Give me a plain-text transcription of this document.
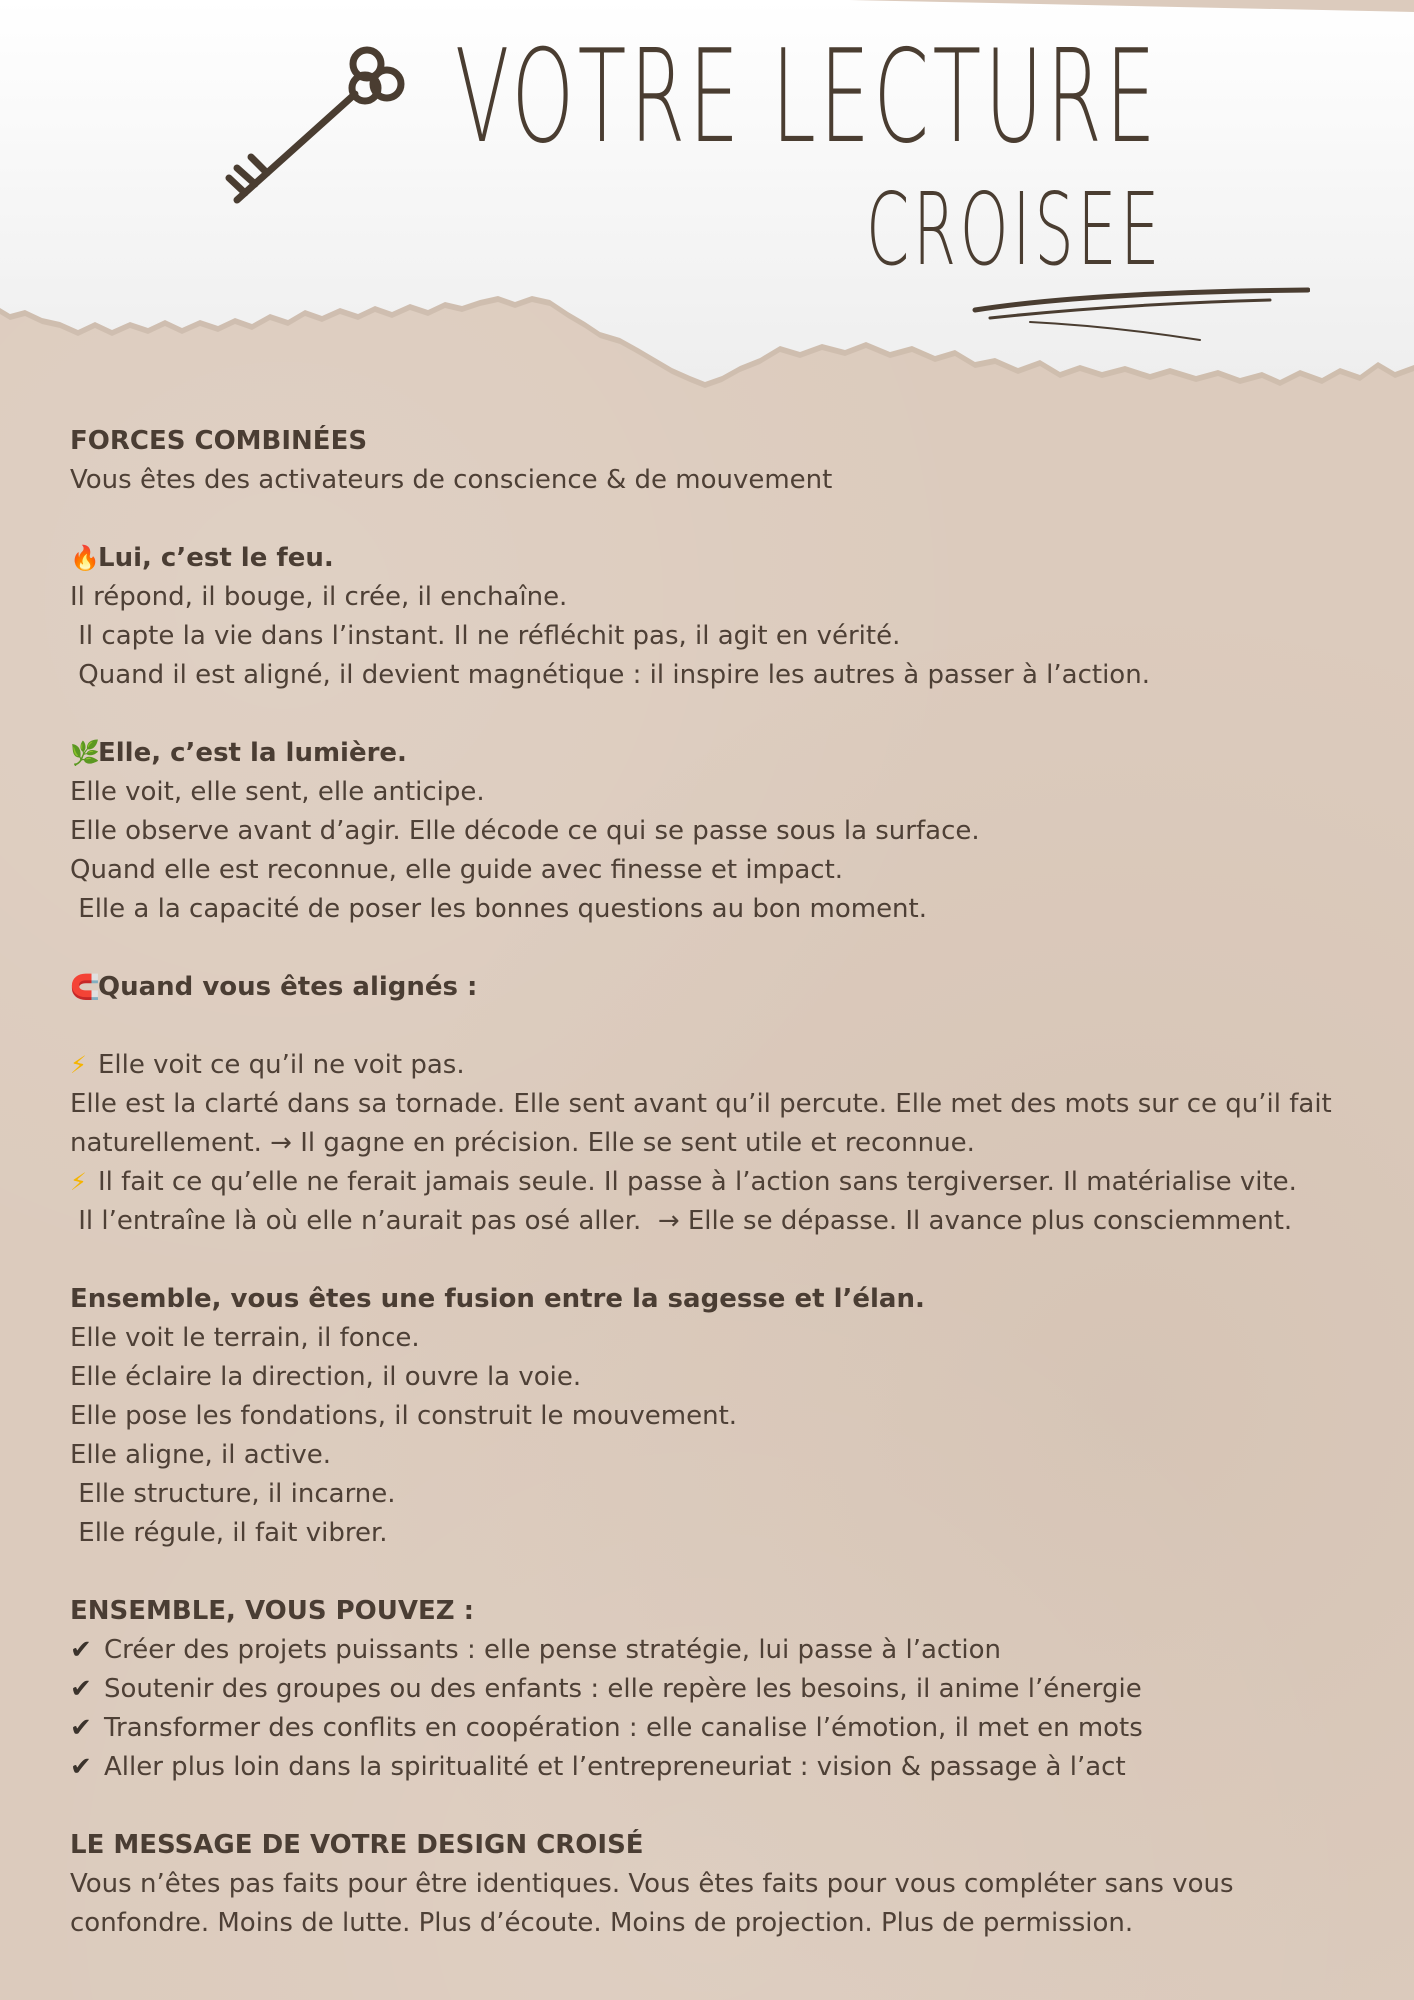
VOTRE LECTURE
CROISEE

FORCES COMBINÉES

Vous êtes des activateurs de conscience & de mouvement

🔥Lui, c’est le feu.

Il répond, il bouge, il crée, il enchaîne.

Il capte la vie dans l’instant. Il ne réfléchit pas, il agit en vérité.

Quand il est aligné, il devient magnétique : il inspire les autres à passer à l’action.

🌿Elle, c’est la lumière.

Elle voit, elle sent, elle anticipe.

Elle observe avant d’agir. Elle décode ce qui se passe sous la surface.

Quand elle est reconnue, elle guide avec finesse et impact.

Elle a la capacité de poser les bonnes questions au bon moment.

🧲Quand vous êtes alignés :

⚡ Elle voit ce qu’il ne voit pas.

Elle est la clarté dans sa tornade. Elle sent avant qu’il percute. Elle met des mots sur ce qu’il fait

naturellement. → Il gagne en précision. Elle se sent utile et reconnue.

⚡ Il fait ce qu’elle ne ferait jamais seule. Il passe à l’action sans tergiverser. Il matérialise vite.

Il l’entraîne là où elle n’aurait pas osé aller.  → Elle se dépasse. Il avance plus consciemment.

Ensemble, vous êtes une fusion entre la sagesse et l’élan.

Elle voit le terrain, il fonce.

Elle éclaire la direction, il ouvre la voie.

Elle pose les fondations, il construit le mouvement.

Elle aligne, il active.

Elle structure, il incarne.

Elle régule, il fait vibrer.

ENSEMBLE, VOUS POUVEZ :

✔ Créer des projets puissants : elle pense stratégie, lui passe à l’action

✔ Soutenir des groupes ou des enfants : elle repère les besoins, il anime l’énergie

✔ Transformer des conflits en coopération : elle canalise l’émotion, il met en mots

✔ Aller plus loin dans la spiritualité et l’entrepreneuriat : vision & passage à l’act

LE MESSAGE DE VOTRE DESIGN CROISÉ

Vous n’êtes pas faits pour être identiques. Vous êtes faits pour vous compléter sans vous

confondre. Moins de lutte. Plus d’écoute. Moins de projection. Plus de permission.
